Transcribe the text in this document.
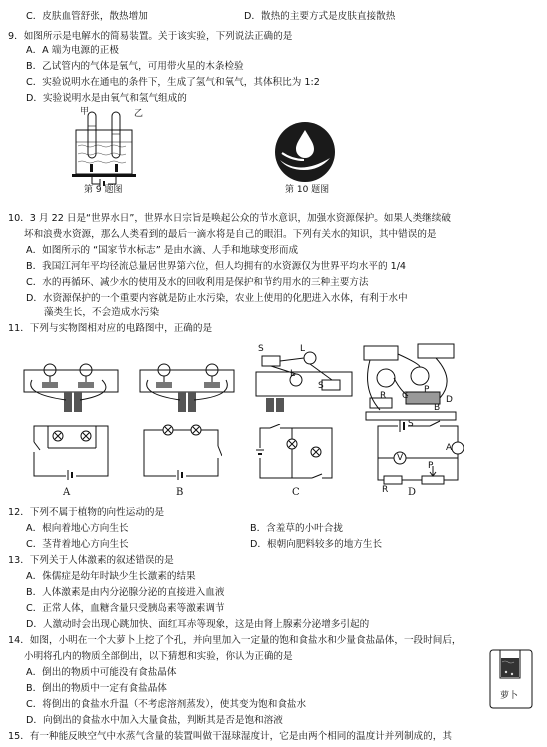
C．皮肤血管舒张，散热增加	D．散热的主要方式是皮肤直接散热
9．如图所示是电解水的简易装置。关于该实验，下列说法正确的是
A．A 端为电源的正极
B．乙试管内的气体是氧气，可用带火星的木条检验
C．实验说明水在通电的条件下，生成了氢气和氧气，其体积比为 1:2
D．实验说明水是由氧气和氢气组成的
甲	乙
第 9 题图	第 10 题图
10．3 月 22 日是“世界水日”，世界水日宗旨是唤起公众的节水意识，加强水资源保护。如果人类继续破
坏和浪费水资源，那么人类看到的最后一滴水将是自己的眼泪。下列有关水的知识，其中错误的是
A．如图所示的 “国家节水标志” 是由水滴、人手和地球变形而成
B．我国江河年平均径流总量居世界第六位，但人均拥有的水资源仅为世界平均水平的 1/4
C．水的再循环、减少水的使用及水的回收利用是保护和节约用水的三种主要方法
D．水资源保护的一个重要内容就是防止水污染，农业上使用的化肥进入水体，有利于水中
藻类生长，不会造成水污染
11．下列与实物图相对应的电路图中，正确的是
S	L
L
S
R C
P
D
B
A	B	C
A
V
S
P
R D
12．下列不属于植物的向性运动的是
A．根向着地心方向生长	B．含羞草的小叶合拢
C．茎背着地心方向生长	D．根朝向肥料较多的地方生长
13．下列关于人体激素的叙述错误的是
A．侏儒症是幼年时缺少生长激素的结果
B．人体激素是由内分泌腺分泌的直接进入血液
C．正常人体，血糖含量只受胰岛素等激素调节
D．人激动时会出现心跳加快、面红耳赤等现象，这是由肾上腺素分泌增多引起的
14．如图，小明在一个大萝卜上挖了个孔，并向里加入一定量的饱和食盐水和少量食盐晶体，一段时间后，
小明将孔内的物质全部倒出，以下猜想和实验，你认为正确的是
A．倒出的物质中可能没有食盐晶体
B．倒出的物质中一定有食盐晶体
C．将倒出的食盐水升温（不考虑溶剂蒸发），使其变为饱和食盐水
D．向倒出的食盐水中加入大量食盐，判断其是否是饱和溶液
萝卜
15．有一种能反映空气中水蒸气含量的装置叫做干湿球湿度计，它是由两个相同的温度计并列制成的，其
